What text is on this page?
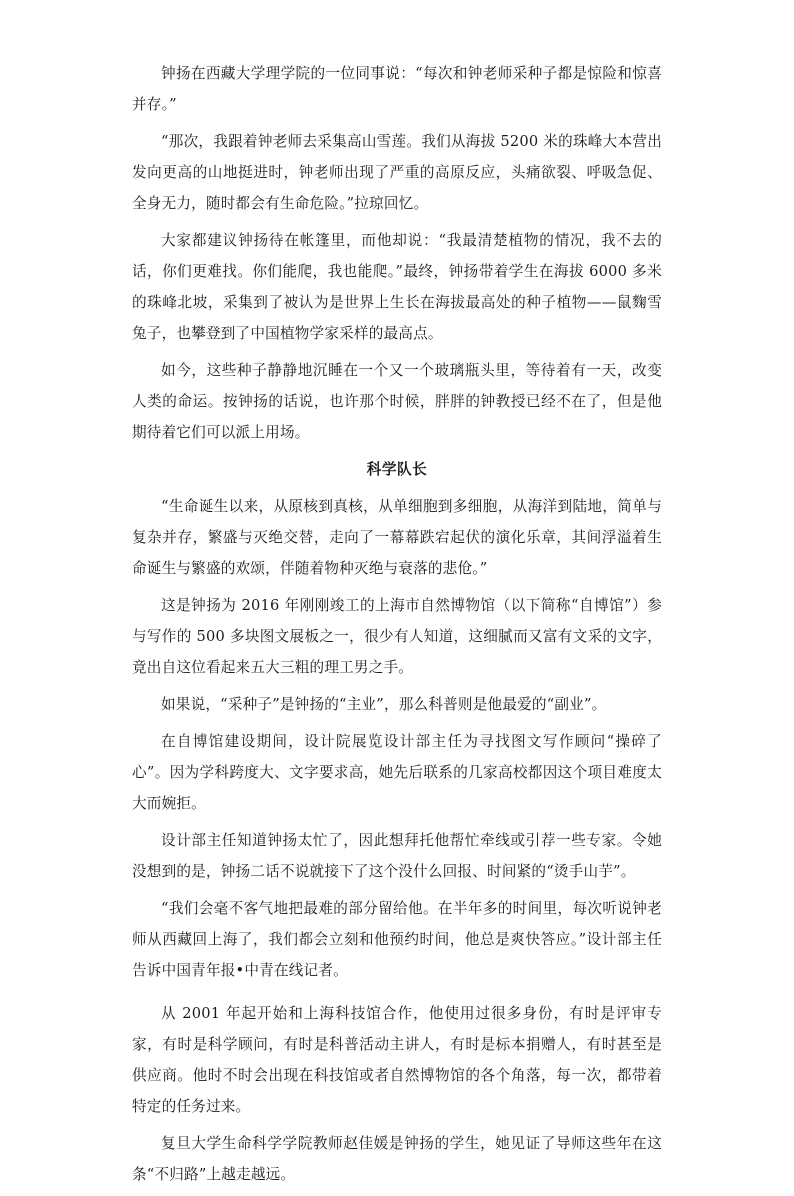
钟扬在西藏大学理学院的一位同事说：“每次和钟老师采种子都是惊险和惊喜并存。”

“那次，我跟着钟老师去采集高山雪莲。我们从海拔 5200 米的珠峰大本营出发向更高的山地挺进时，钟老师出现了严重的高原反应，头痛欲裂、呼吸急促、全身无力，随时都会有生命危险。”拉琼回忆。

大家都建议钟扬待在帐篷里，而他却说：“我最清楚植物的情况，我不去的话，你们更难找。你们能爬，我也能爬。”最终，钟扬带着学生在海拔 6000 多米的珠峰北坡，采集到了被认为是世界上生长在海拔最高处的种子植物——鼠麴雪兔子，也攀登到了中国植物学家采样的最高点。

如今，这些种子静静地沉睡在一个又一个玻璃瓶头里，等待着有一天，改变人类的命运。按钟扬的话说，也许那个时候，胖胖的钟教授已经不在了，但是他期待着它们可以派上用场。

科学队长

“生命诞生以来，从原核到真核，从单细胞到多细胞，从海洋到陆地，简单与复杂并存，繁盛与灭绝交替，走向了一幕幕跌宕起伏的演化乐章，其间浮溢着生命诞生与繁盛的欢颂，伴随着物种灭绝与衰落的悲伧。”

这是钟扬为 2016 年刚刚竣工的上海市自然博物馆（以下简称“自博馆”）参与写作的 500 多块图文展板之一，很少有人知道，这细腻而又富有文采的文字，竟出自这位看起来五大三粗的理工男之手。

如果说，“采种子”是钟扬的“主业”，那么科普则是他最爱的“副业”。

在自博馆建设期间，设计院展览设计部主任为寻找图文写作顾问“操碎了心”。因为学科跨度大、文字要求高，她先后联系的几家高校都因这个项目难度太大而婉拒。

设计部主任知道钟扬太忙了，因此想拜托他帮忙牵线或引荐一些专家。令她没想到的是，钟扬二话不说就接下了这个没什么回报、时间紧的“烫手山芋”。

“我们会毫不客气地把最难的部分留给他。在半年多的时间里，每次听说钟老师从西藏回上海了，我们都会立刻和他预约时间，他总是爽快答应。”设计部主任告诉中国青年报•中青在线记者。

从 2001 年起开始和上海科技馆合作，他使用过很多身份，有时是评审专家，有时是科学顾问，有时是科普活动主讲人，有时是标本捐赠人，有时甚至是供应商。他时不时会出现在科技馆或者自然博物馆的各个角落，每一次，都带着特定的任务过来。

复旦大学生命科学学院教师赵佳媛是钟扬的学生，她见证了导师这些年在这条“不归路”上越走越远。
